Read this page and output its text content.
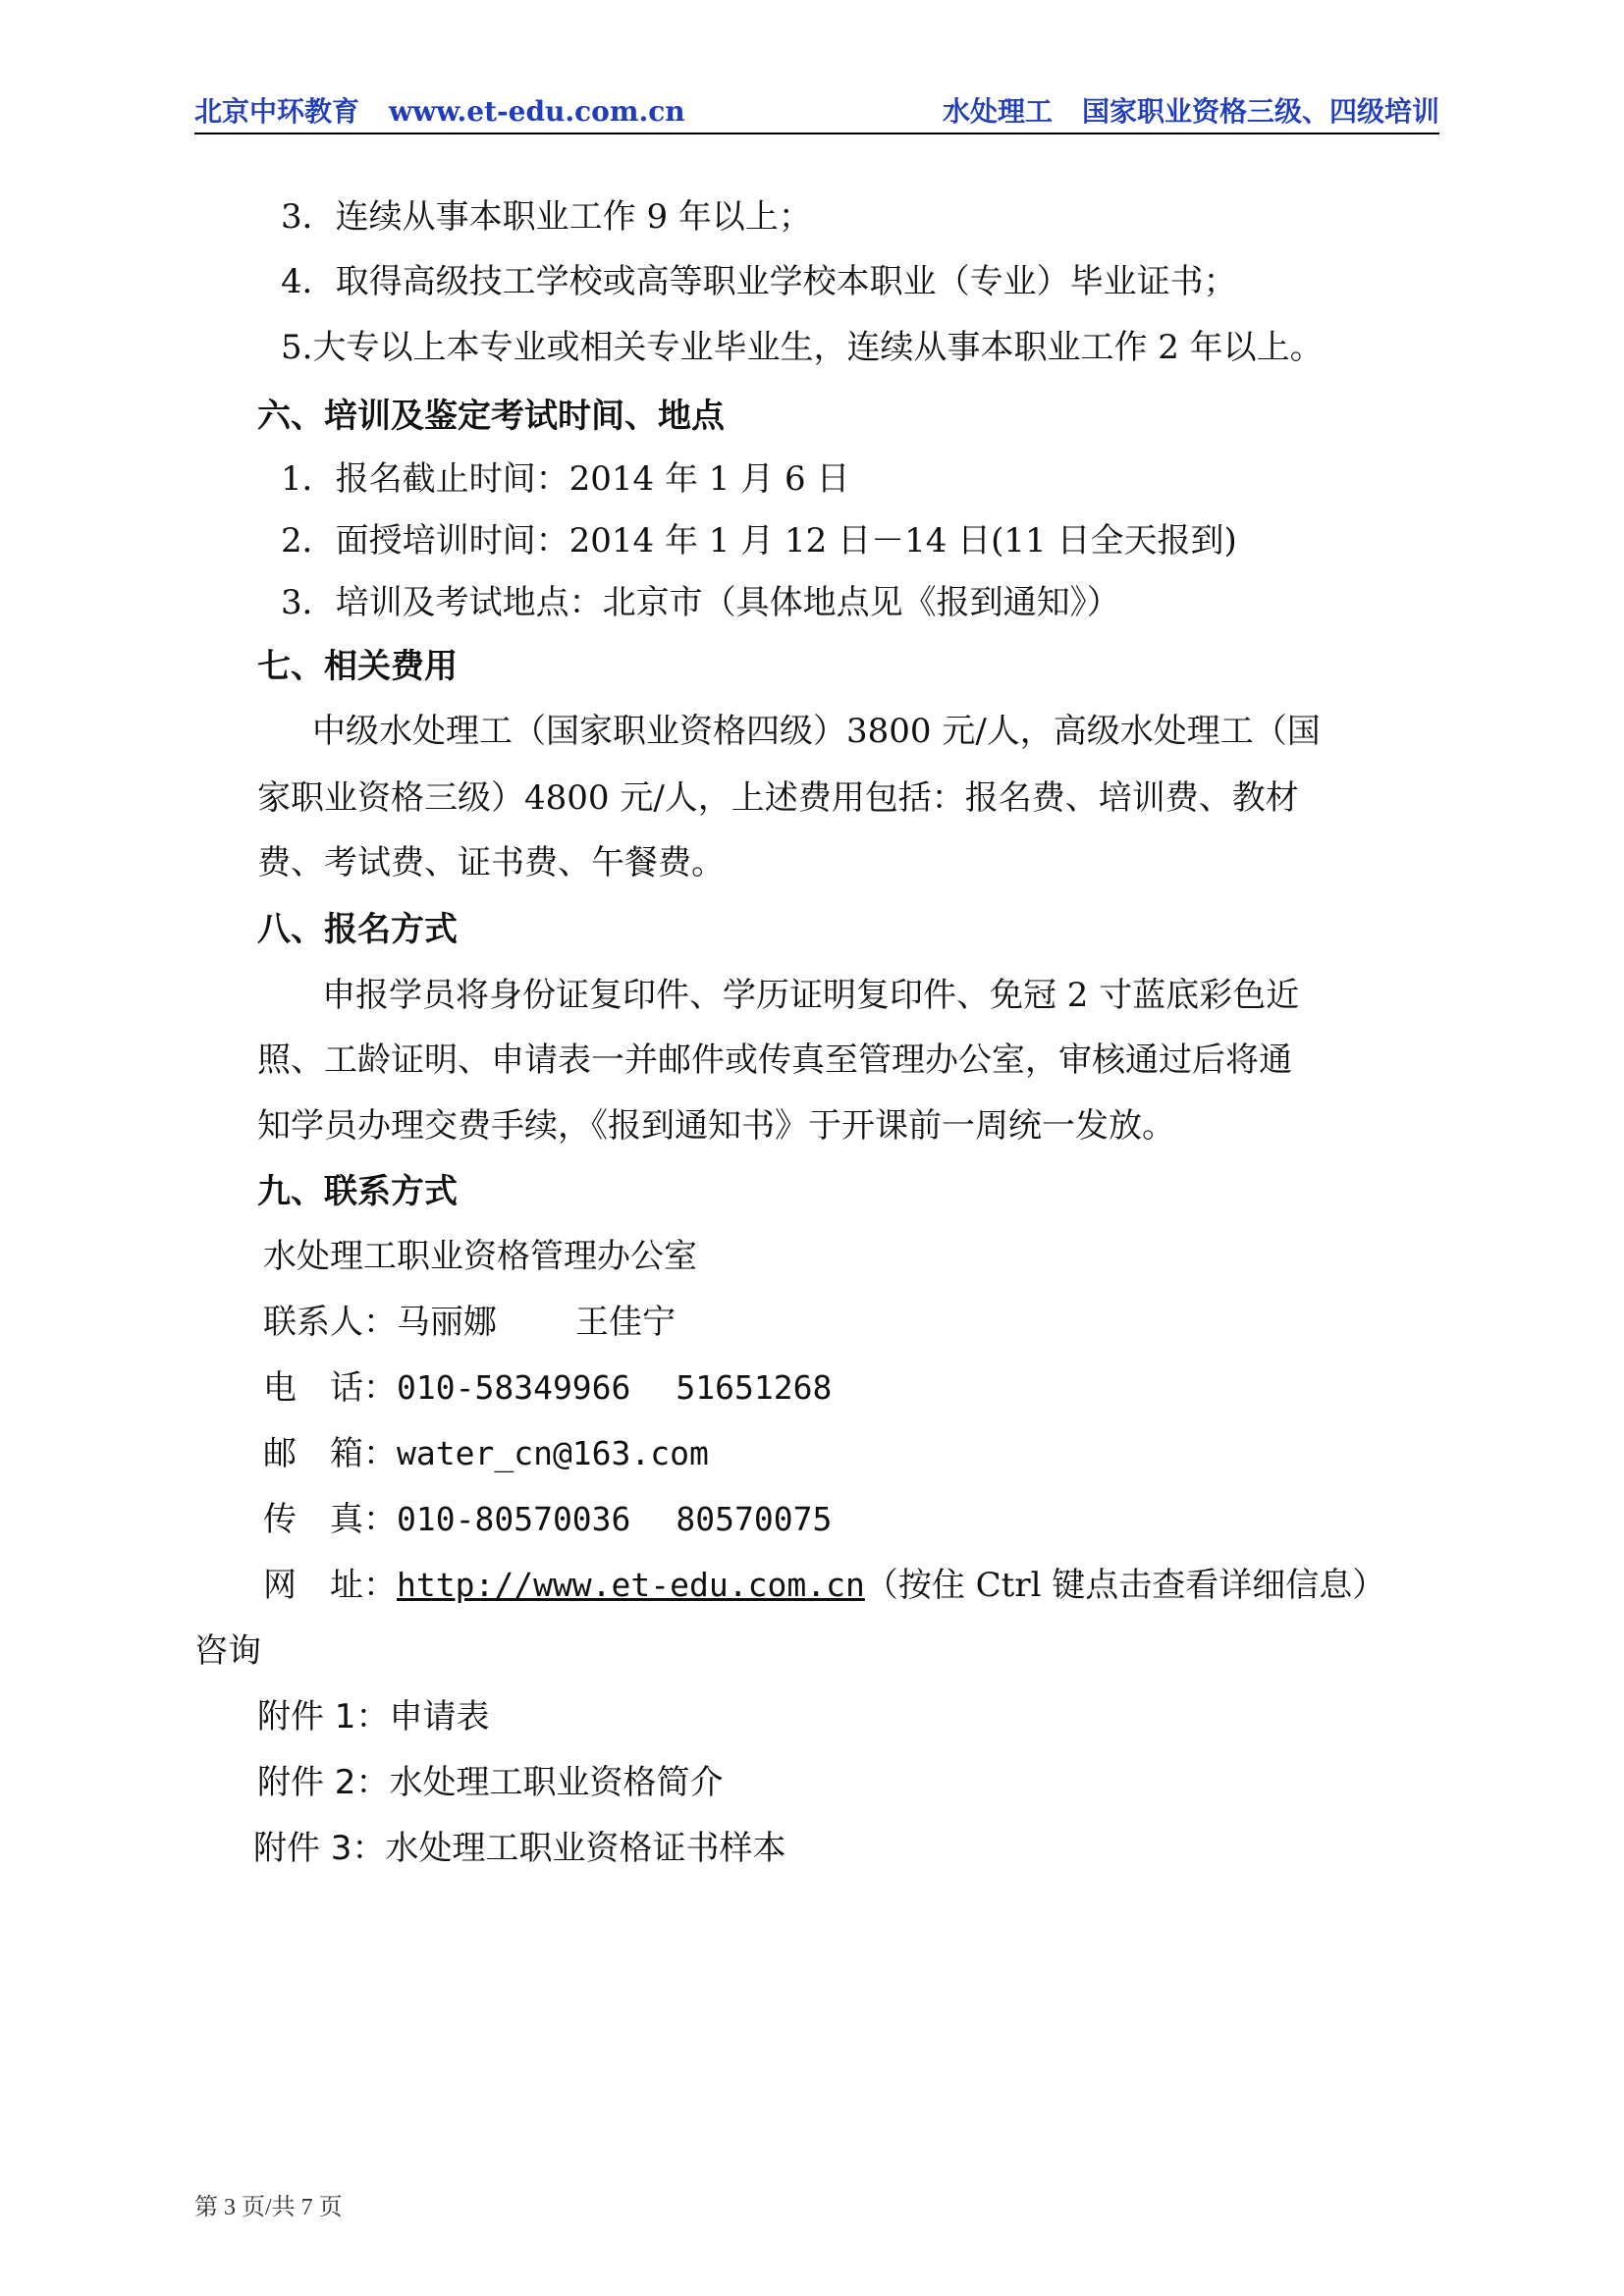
北京中环教育 www.et-edu.com.cn	水处理工 国家职业资格三级、四级培训
3．连续从事本职业工作 9 年以上；
4．取得高级技工学校或高等职业学校本职业（专业）毕业证书；
5.大专以上本专业或相关专业毕业生，连续从事本职业工作 2 年以上。
六、培训及鉴定考试时间、地点
1．报名截止时间：2014 年 1 月 6 日
2．面授培训时间：2014 年 1 月 12 日－14 日(11 日全天报到)
3．培训及考试地点：北京市（具体地点见《报到通知》）
七、相关费用
中级水处理工（国家职业资格四级）3800 元/人，高级水处理工（国
家职业资格三级）4800 元/人，上述费用包括：报名费、培训费、教材
费、考试费、证书费、午餐费。
八、报名方式
申报学员将身份证复印件、学历证明复印件、免冠 2 寸蓝底彩色近
照、工龄证明、申请表一并邮件或传真至管理办公室，审核通过后将通
知学员办理交费手续，《报到通知书》于开课前一周统一发放。
九、联系方式
水处理工职业资格管理办公室
联系人：马丽娜 王佳宁
电　话：010-58349966 51651268
邮　箱：water_cn@163.com
传　真：010-80570036 80570075
网　址：http://www.et-edu.com.cn（按住 Ctrl 键点击查看详细信息）
咨询
附件 1：申请表
附件 2：水处理工职业资格简介
附件 3：水处理工职业资格证书样本
第 3 页/共 7 页
